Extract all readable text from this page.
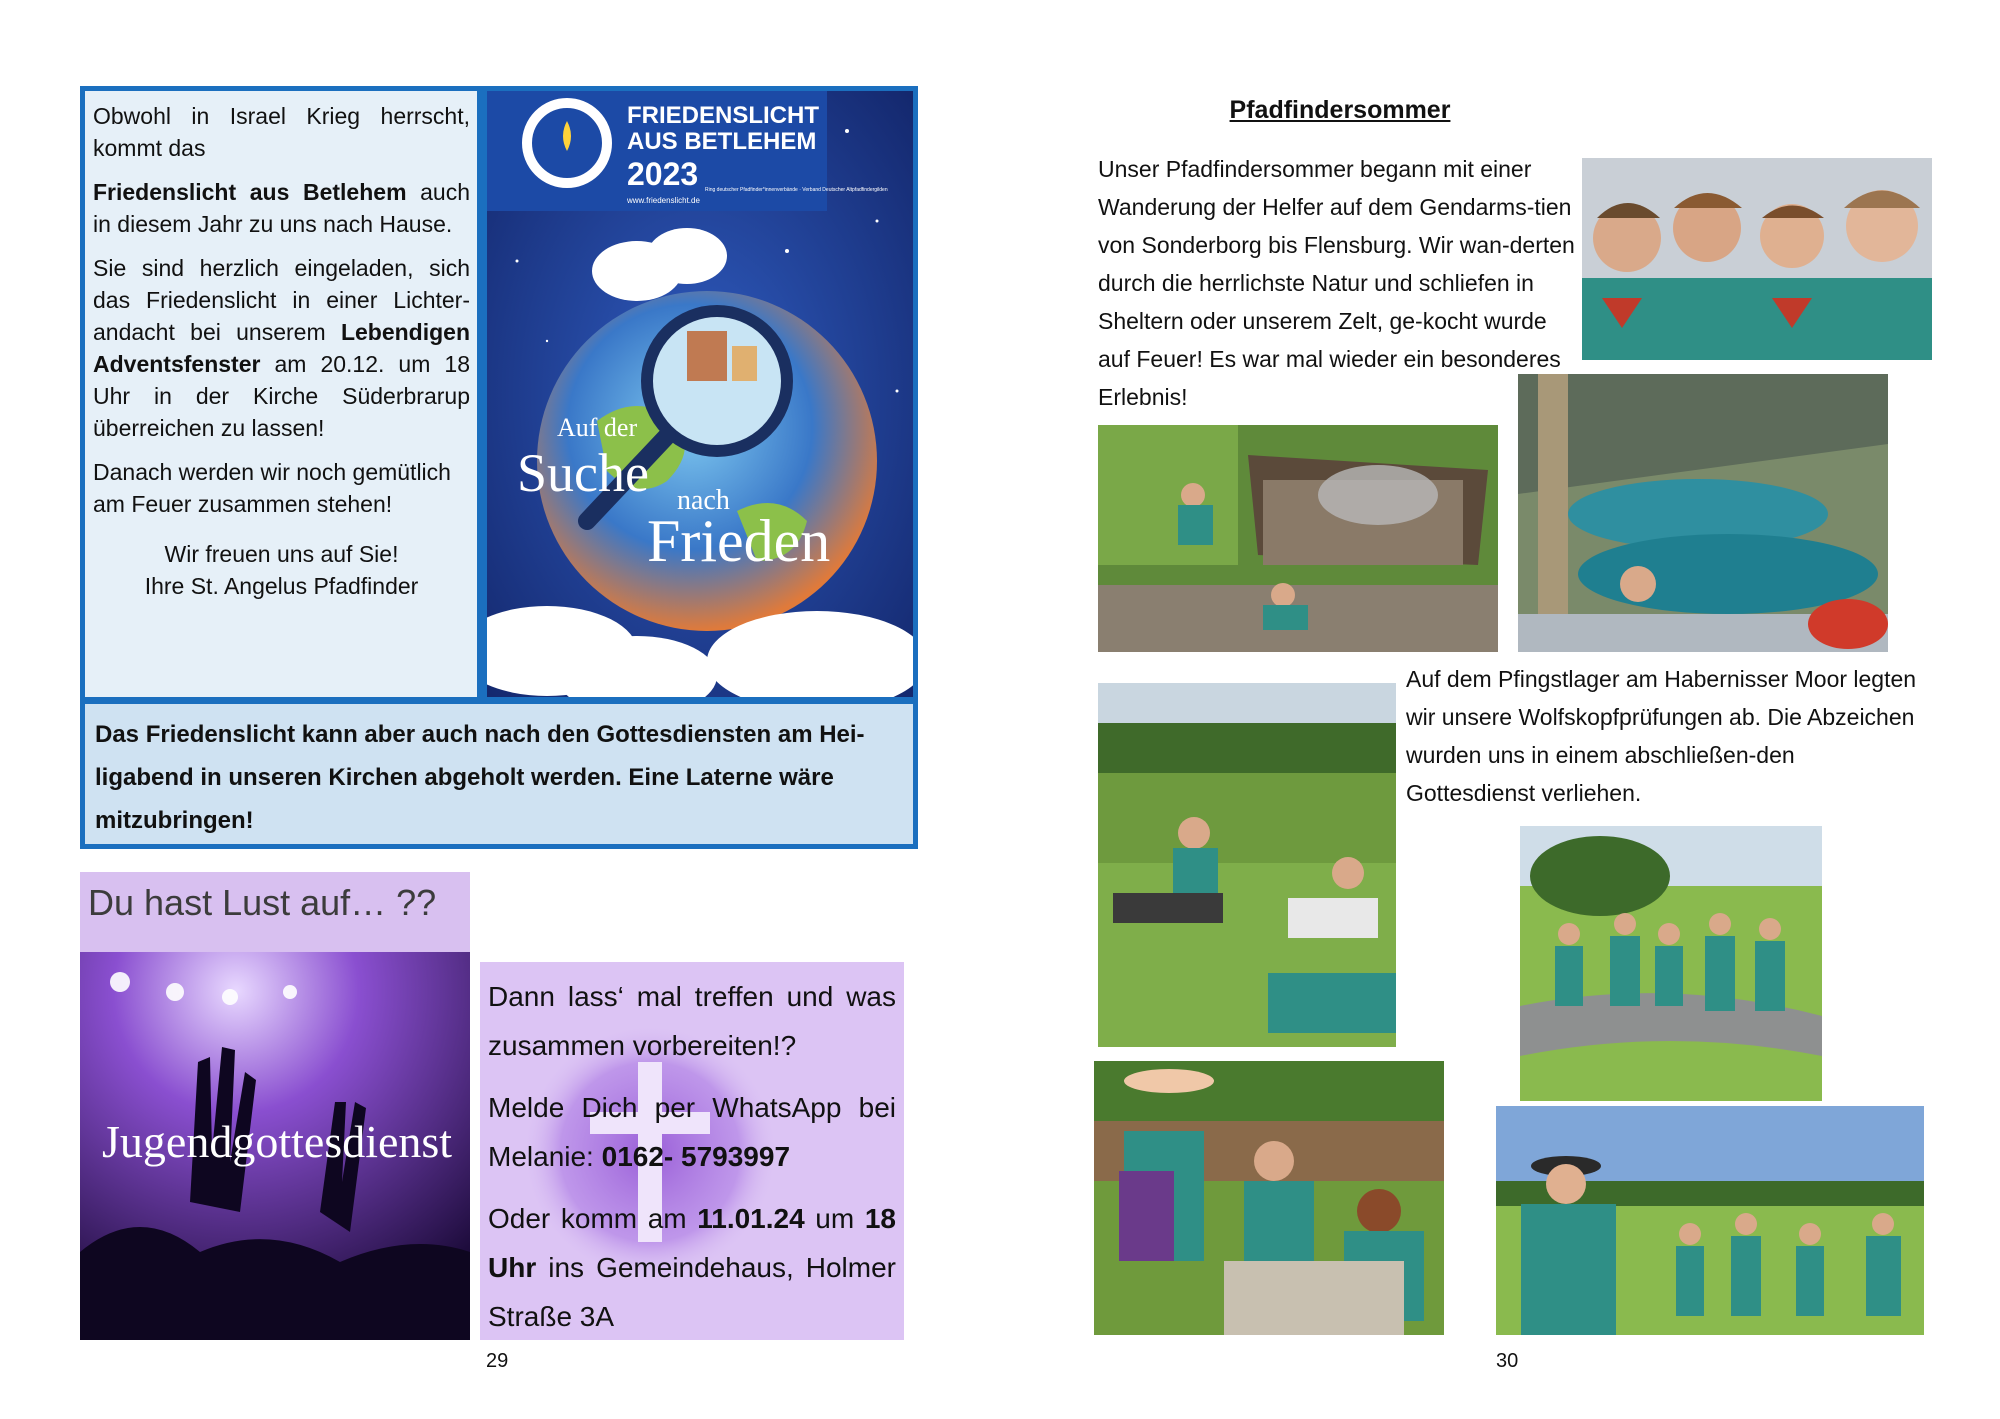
Obwohl in Israel Krieg herrscht, kommt das

Friedenslicht aus Betlehem auch in diesem Jahr zu uns nach Hause.

Sie sind herzlich eingeladen, sich das Friedenslicht in einer Lichter-andacht bei unserem Lebendigen Adventsfenster am 20.12. um 18 Uhr in der Kirche Süderbrarup überreichen zu lassen!

Danach werden wir noch gemütlich am Feuer zusammen stehen!

Wir freuen uns auf Sie!

Ihre St. Angelus Pfadfinder

FRIEDENSLICHT
AUS BETLEHEM
2023
www.friedenslicht.de
Ring deutscher Pfadfinder*innenverbände · Verband Deutscher Altpfadfindergilden
Auf der
Suche nach
Frieden
Das Friedenslicht kann aber auch nach den Gottesdiensten am Hei-ligabend in unseren Kirchen abgeholt werden. Eine Laterne wäre mitzubringen!
Du hast Lust auf… ??
Jugendgottesdienst

Dann lass‘ mal treffen und was zusammen vorbereiten!?

Melde Dich per WhatsApp bei Melanie: 0162- 5793997

Oder komm am 11.01.24 um 18 Uhr ins Gemeindehaus, Holmer Straße 3A

29
Pfadfindersommer
Unser Pfadfindersommer begann mit einer Wanderung der Helfer auf dem Gendarms-tien von Sonderborg bis Flensburg. Wir wan-derten durch die herrlichste Natur und schliefen in Sheltern oder unserem Zelt, ge-kocht wurde auf Feuer! Es war mal wieder ein besonderes Erlebnis!
Auf dem Pfingstlager am Habernisser Moor legten wir unsere Wolfskopfprüfungen ab. Die Abzeichen wurden uns in einem abschließen-den Gottesdienst verliehen.
30
